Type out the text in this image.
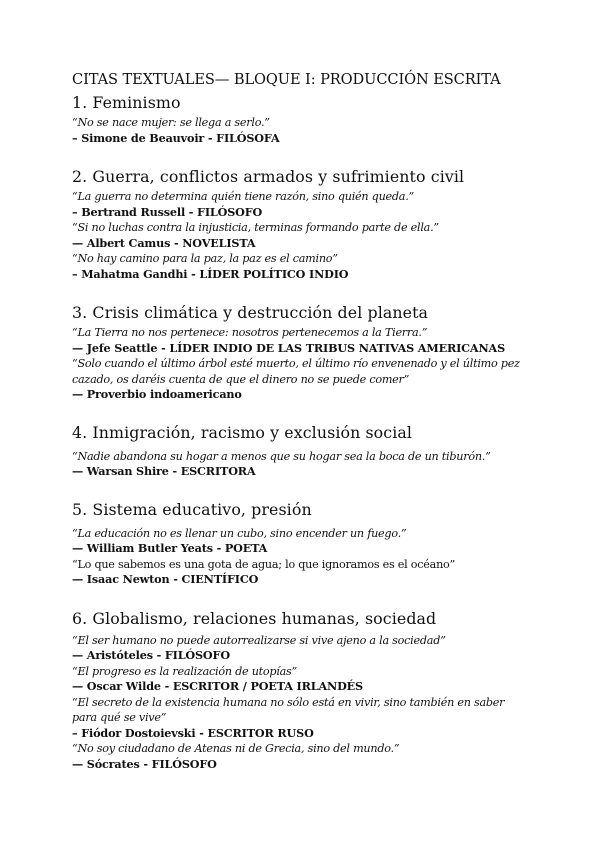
CITAS TEXTUALES— BLOQUE I: PRODUCCIÓN ESCRITA
1. Feminismo

“No se nace mujer: se llega a serlo.”

– Simone de Beauvoir - FILÓSOFA

2. Guerra, conflictos armados y sufrimiento civil

“La guerra no determina quién tiene razón, sino quién queda.”

– Bertrand Russell - FILÓSOFO

“Si no luchas contra la injusticia, terminas formando parte de ella.”

— Albert Camus - NOVELISTA

“No hay camino para la paz, la paz es el camino”

– Mahatma Gandhi - LÍDER POLÍTICO INDIO

3. Crisis climática y destrucción del planeta

“La Tierra no nos pertenece: nosotros pertenecemos a la Tierra.”

— Jefe Seattle - LÍDER INDIO DE LAS TRIBUS NATIVAS AMERICANAS

“Solo cuando el último árbol esté muerto, el último río envenenado y el último pez cazado, os daréis cuenta de que el dinero no se puede comer”

— Proverbio indoamericano

4. Inmigración, racismo y exclusión social

“Nadie abandona su hogar a menos que su hogar sea la boca de un tiburón.”

— Warsan Shire - ESCRITORA

5. Sistema educativo, presión

“La educación no es llenar un cubo, sino encender un fuego.”

— William Butler Yeats - POETA

“Lo que sabemos es una gota de agua; lo que ignoramos es el océano”

— Isaac Newton - CIENTÍFICO

6. Globalismo, relaciones humanas, sociedad

“El ser humano no puede autorrealizarse si vive ajeno a la sociedad”

— Aristóteles - FILÓSOFO

“El progreso es la realización de utopías”

— Oscar Wilde - ESCRITOR / POETA IRLANDÉS

“El secreto de la existencia humana no sólo está en vivir, sino también en saber para qué se vive”

– Fiódor Dostoievski - ESCRITOR RUSO

“No soy ciudadano de Atenas ni de Grecia, sino del mundo.”

— Sócrates - FILÓSOFO
